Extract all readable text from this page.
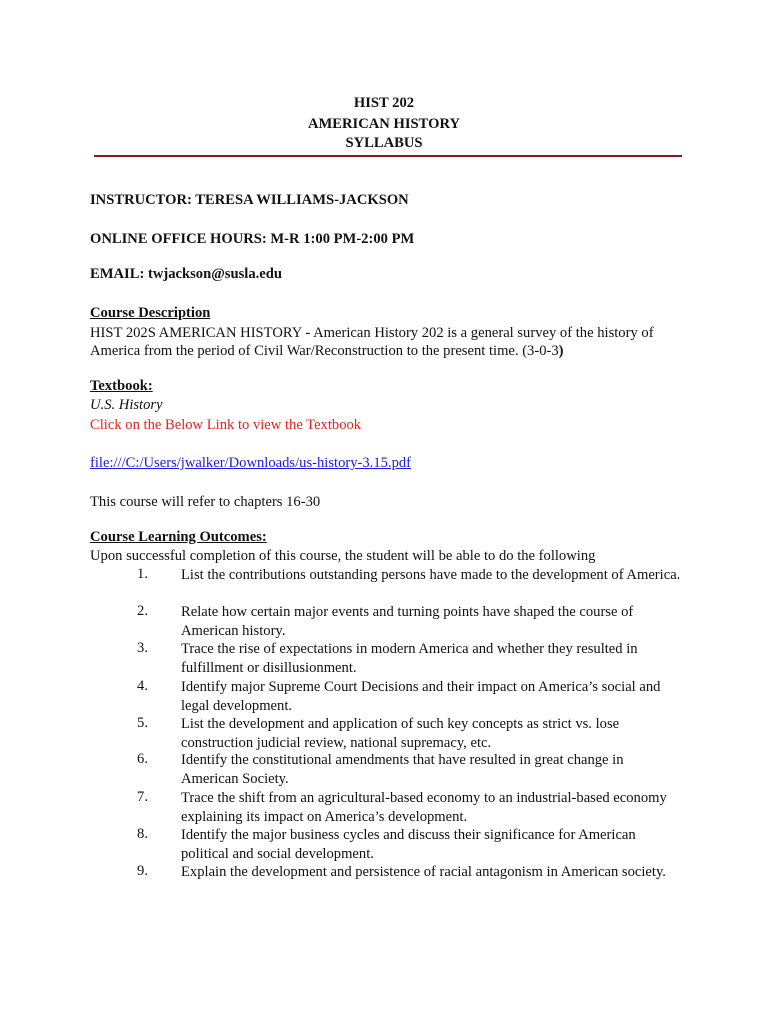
HIST 202
AMERICAN HISTORY
SYLLABUS
INSTRUCTOR: TERESA WILLIAMS-JACKSON
ONLINE OFFICE HOURS: M-R 1:00 PM-2:00 PM
EMAIL: twjackson@susla.edu
Course Description
HIST 202S AMERICAN HISTORY - American History 202 is a general survey of the history of
America from the period of Civil War/Reconstruction to the present time. (3-0-3)
Textbook:
U.S. History
Click on the Below Link to view the Textbook
file:///C:/Users/jwalker/Downloads/us-history-3.15.pdf
This course will refer to chapters 16-30
Course Learning Outcomes:
Upon successful completion of this course, the student will be able to do the following
1. List the contributions outstanding persons have made to the development of America.
2. Relate how certain major events and turning points have shaped the course of American history.
3. Trace the rise of expectations in modern America and whether they resulted in fulfillment or disillusionment.
4. Identify major Supreme Court Decisions and their impact on America’s social and legal development.
5. List the development and application of such key concepts as strict vs. lose construction judicial review, national supremacy, etc.
6. Identify the constitutional amendments that have resulted in great change in American Society.
7. Trace the shift from an agricultural-based economy to an industrial-based economy explaining its impact on America’s development.
8. Identify the major business cycles and discuss their significance for American political and social development.
9. Explain the development and persistence of racial antagonism in American society.
